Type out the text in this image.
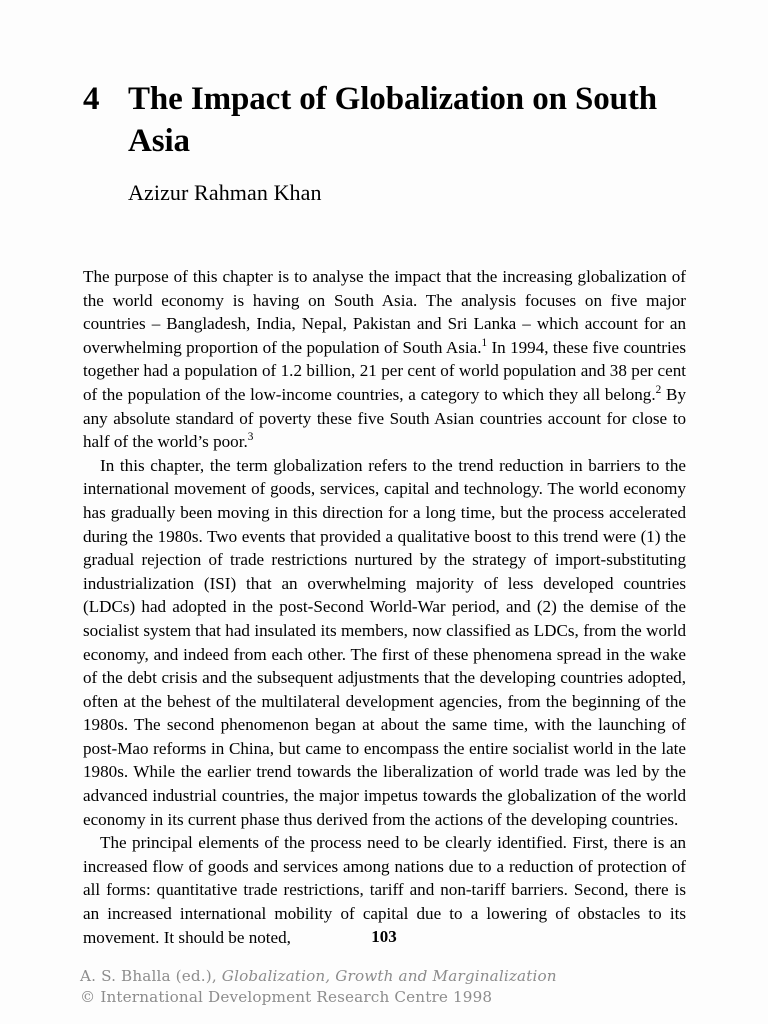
4 The Impact of Globalization on South Asia
Azizur Rahman Khan

The purpose of this chapter is to analyse the impact that the increasing globalization of the world economy is having on South Asia. The analysis focuses on five major countries – Bangladesh, India, Nepal, Pakistan and Sri Lanka – which account for an overwhelming proportion of the population of South Asia.$^1$ In 1994, these five countries together had a population of 1.2 billion, 21 per cent of world population and 38 per cent of the population of the low-income countries, a category to which they all belong.$^2$ By any absolute standard of poverty these five South Asian countries account for close to half of the world’s poor.$^3$

In this chapter, the term globalization refers to the trend reduction in barriers to the international movement of goods, services, capital and technology. The world economy has gradually been moving in this direction for a long time, but the process accelerated during the 1980s. Two events that provided a qualitative boost to this trend were (1) the gradual rejection of trade restrictions nurtured by the strategy of import-substituting industrialization (ISI) that an overwhelming majority of less developed countries (LDCs) had adopted in the post-Second World-War period, and (2) the demise of the socialist system that had insulated its members, now classified as LDCs, from the world economy, and indeed from each other. The first of these phenomena spread in the wake of the debt crisis and the subsequent adjustments that the developing countries adopted, often at the behest of the multilateral development agencies, from the beginning of the 1980s. The second phenomenon began at about the same time, with the launching of post-Mao reforms in China, but came to encompass the entire socialist world in the late 1980s. While the earlier trend towards the liberalization of world trade was led by the advanced industrial countries, the major impetus towards the globalization of the world economy in its current phase thus derived from the actions of the developing countries.

The principal elements of the process need to be clearly identified. First, there is an increased flow of goods and services among nations due to a reduction of protection of all forms: quantitative trade restrictions, tariff and non-tariff barriers. Second, there is an increased international mobility of capital due to a lowering of obstacles to its movement. It should be noted,	103
A. S. Bhalla (ed.), Globalization, Growth and Marginalization
© International Development Research Centre 1998
